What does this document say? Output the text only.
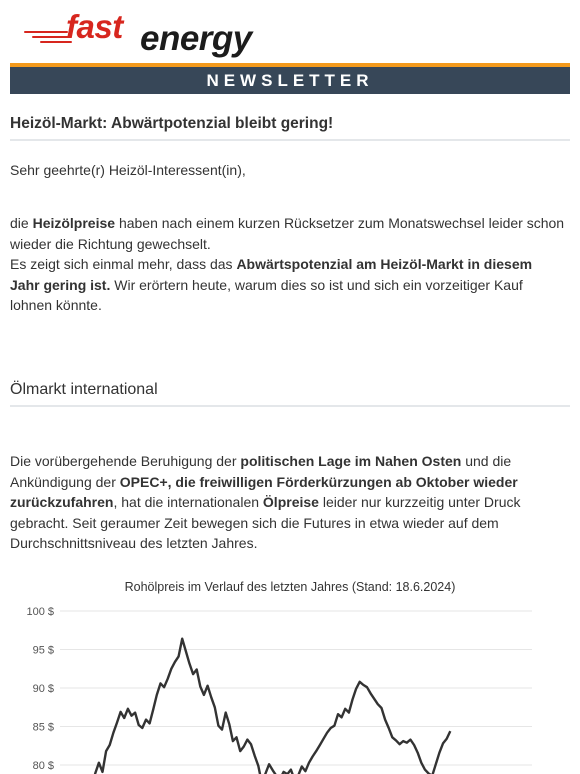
fast energy
NEWSLETTER
Heizöl-Markt: Abwärtpotenzial bleibt gering!

Sehr geehrte(r) Heizöl-Interessent(in),

die Heizölpreise haben nach einem kurzen Rücksetzer zum Monatswechsel leider schon wieder die Richtung gewechselt.
Es zeigt sich einmal mehr, dass das Abwärtspotenzial am Heizöl-Markt in diesem Jahr gering ist. Wir erörtern heute, warum dies so ist und sich ein vorzeitiger Kauf lohnen könnte.

Ölmarkt international

Die vorübergehende Beruhigung der politischen Lage im Nahen Osten und die Ankündigung der OPEC+, die freiwilligen Förderkürzungen ab Oktober wieder zurückzufahren, hat die internationalen Ölpreise leider nur kurzzeitig unter Druck gebracht. Seit geraumer Zeit bewegen sich die Futures in etwa wieder auf dem Durchschnittsniveau des letzten Jahres.

Rohölpreis im Verlauf des letzten Jahres (Stand: 18.6.2024)
100 $
95 $
90 $
85 $
80 $
